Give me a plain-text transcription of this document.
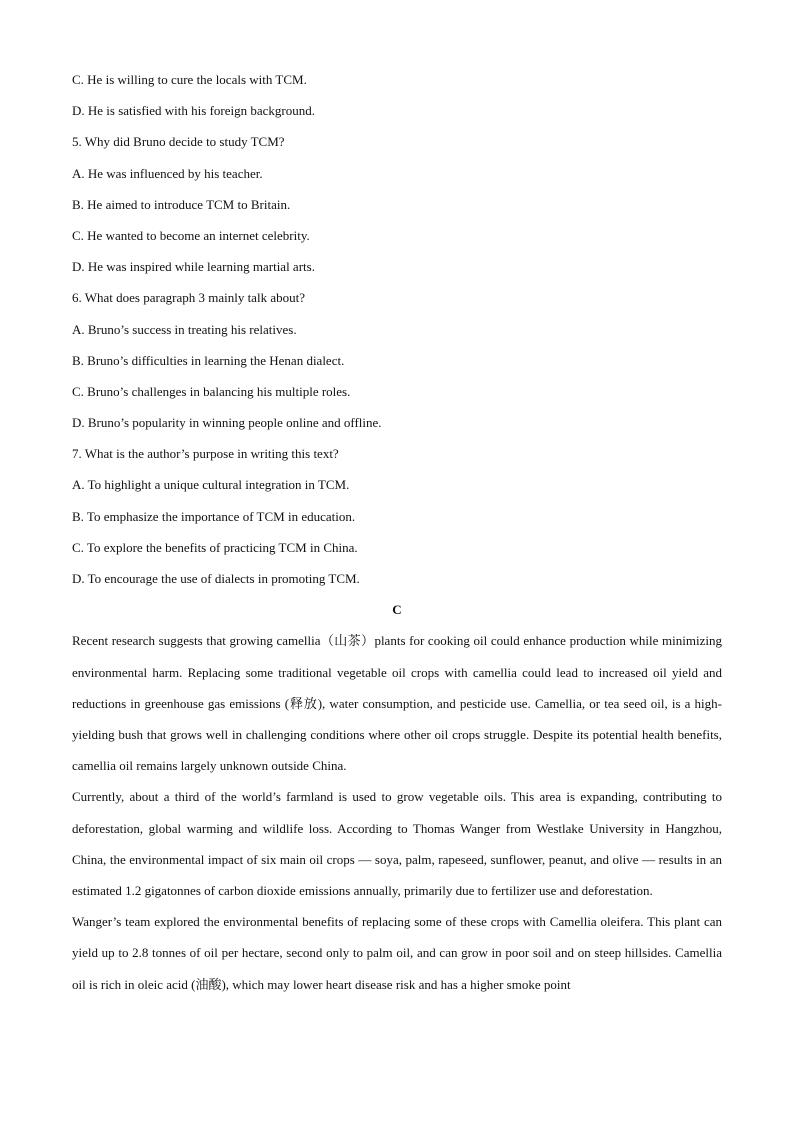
C. He is willing to cure the locals with TCM.

D. He is satisfied with his foreign background.

5. Why did Bruno decide to study TCM?

A. He was influenced by his teacher.

B. He aimed to introduce TCM to Britain.

C. He wanted to become an internet celebrity.

D. He was inspired while learning martial arts.

6. What does paragraph 3 mainly talk about?

A. Bruno’s success in treating his relatives.

B. Bruno’s difficulties in learning the Henan dialect.

C. Bruno’s challenges in balancing his multiple roles.

D. Bruno’s popularity in winning people online and offline.

7. What is the author’s purpose in writing this text?

A. To highlight a unique cultural integration in TCM.

B. To emphasize the importance of TCM in education.

C. To explore the benefits of practicing TCM in China.

D. To encourage the use of dialects in promoting TCM.

C

Recent research suggests that growing camellia（山茶）plants for cooking oil could enhance production while minimizing environmental harm. Replacing some traditional vegetable oil crops with camellia could lead to increased oil yield and reductions in greenhouse gas emissions (释放), water consumption, and pesticide use. Camellia, or tea seed oil, is a high-yielding bush that grows well in challenging conditions where other oil crops struggle. Despite its potential health benefits, camellia oil remains largely unknown outside China.

Currently, about a third of the world’s farmland is used to grow vegetable oils. This area is expanding, contributing to deforestation, global warming and wildlife loss. According to Thomas Wanger from Westlake University in Hangzhou, China, the environmental impact of six main oil crops — soya, palm, rapeseed, sunflower, peanut, and olive — results in an estimated 1.2 gigatonnes of carbon dioxide emissions annually, primarily due to fertilizer use and deforestation.

Wanger’s team explored the environmental benefits of replacing some of these crops with Camellia oleifera. This plant can yield up to 2.8 tonnes of oil per hectare, second only to palm oil, and can grow in poor soil and on steep hillsides. Camellia oil is rich in oleic acid (油酸), which may lower heart disease risk and has a higher smoke point
